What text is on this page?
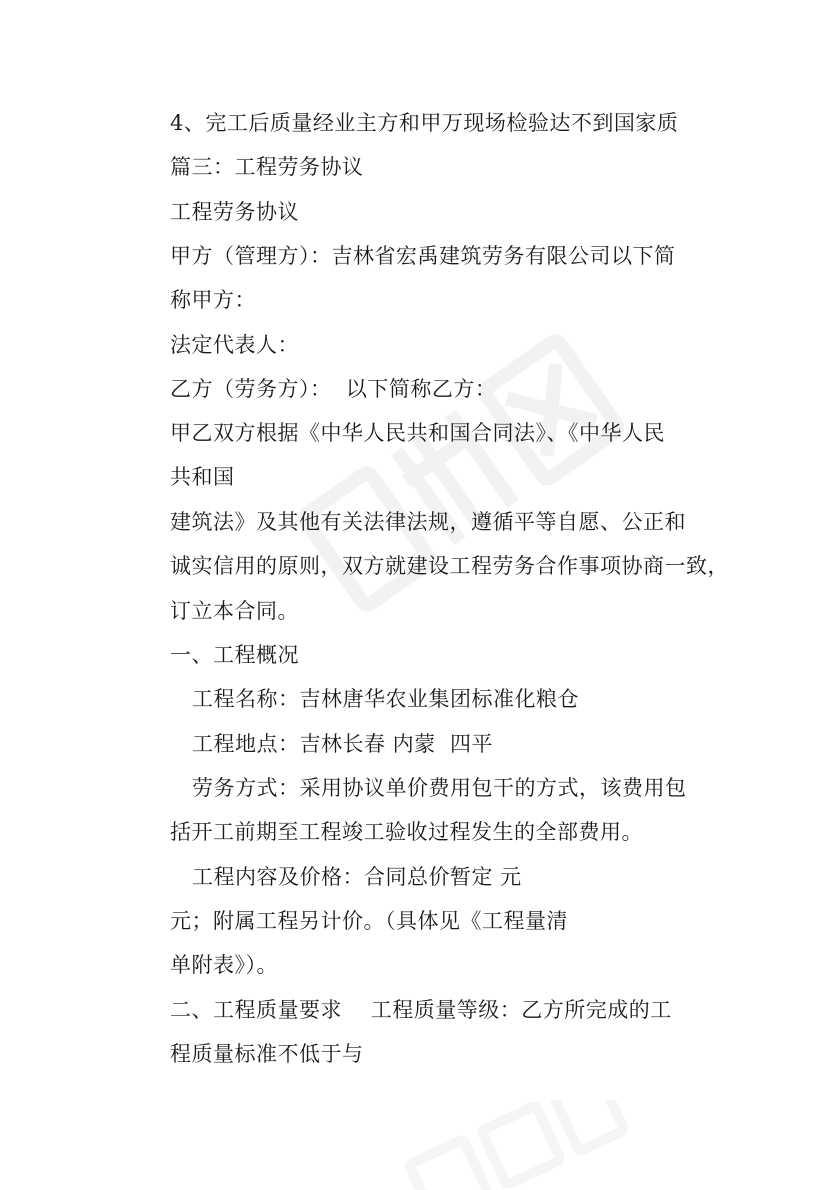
4、完工后质量经业主方和甲万现场检验达不到国家质
篇三：工程劳务协议
工程劳务协议
甲方（管理方）：吉林省宏禹建筑劳务有限公司以下简
称甲方：
法定代表人：
乙方（劳务方）：  以下简称乙方：
甲乙双方根据《中华人民共和国合同法》、《中华人民
共和国
建筑法》及其他有关法律法规，遵循平等自愿、公正和
诚实信用的原则，双方就建设工程劳务合作事项协商一致，
订立本合同。
一、工程概况
工程名称：吉林唐华农业集团标准化粮仓
工程地点：吉林长春 内蒙  四平
劳务方式：采用协议单价费用包干的方式，该费用包
括开工前期至工程竣工验收过程发生的全部费用。
工程内容及价格：合同总价暂定 元
元；附属工程另计价。（具体见《工程量清
单附表》）。
二、工程质量要求    工程质量等级：乙方所完成的工
程质量标准不低于与
